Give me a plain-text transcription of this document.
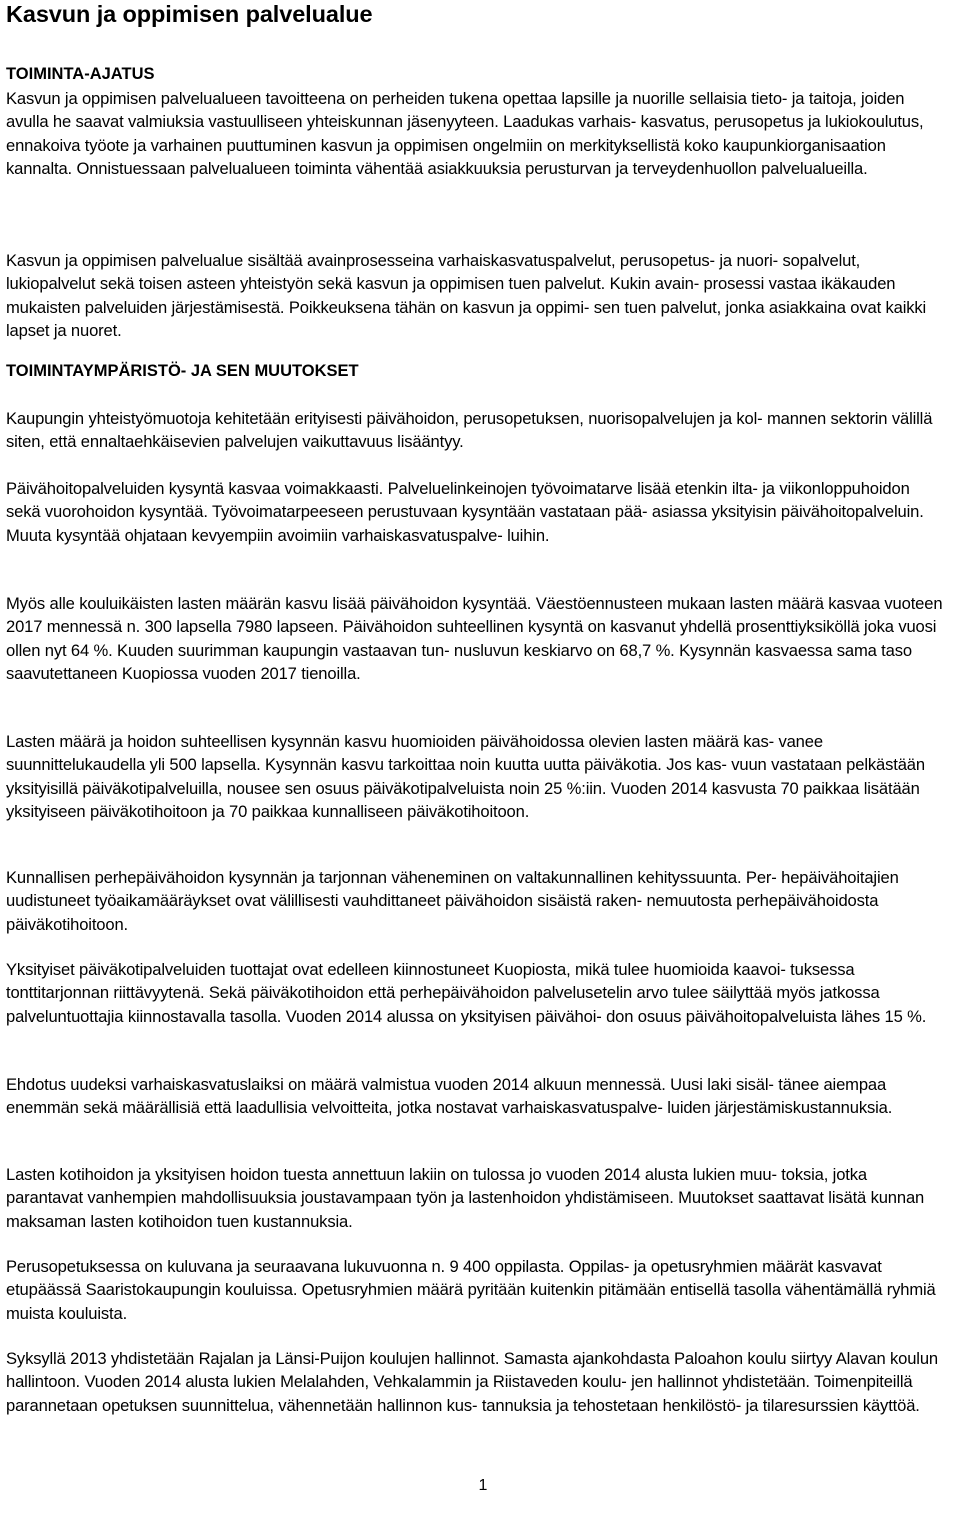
Kasvun ja oppimisen palvelualue
TOIMINTA-AJATUS

Kasvun ja oppimisen palvelualueen tavoitteena on perheiden tukena opettaa lapsille ja nuorille sellaisia tieto- ja taitoja, joiden avulla he saavat valmiuksia vastuulliseen yhteiskunnan jäsenyyteen. Laadukas varhais- kasvatus, perusopetus ja lukiokoulutus, ennakoiva työote ja varhainen puuttuminen kasvun ja oppimisen ongelmiin on merkityksellistä koko kaupunkiorganisaation kannalta. Onnistuessaan palvelualueen toiminta vähentää asiakkuuksia perusturvan ja terveydenhuollon palvelualueilla.

Kasvun ja oppimisen palvelualue sisältää avainprosesseina varhaiskasvatuspalvelut, perusopetus- ja nuori- sopalvelut, lukiopalvelut sekä toisen asteen yhteistyön sekä kasvun ja oppimisen tuen palvelut. Kukin avain- prosessi vastaa ikäkauden mukaisten palveluiden järjestämisestä. Poikkeuksena tähän on kasvun ja oppimi- sen tuen palvelut, jonka asiakkaina ovat kaikki lapset ja nuoret.

TOIMINTAYMPÄRISTÖ- JA SEN MUUTOKSET

Kaupungin yhteistyömuotoja kehitetään erityisesti päivähoidon, perusopetuksen, nuorisopalvelujen ja kol- mannen sektorin välillä siten, että ennaltaehkäisevien palvelujen vaikuttavuus lisääntyy.

Päivähoitopalveluiden kysyntä kasvaa voimakkaasti. Palveluelinkeinojen työvoimatarve lisää etenkin ilta- ja viikonloppuhoidon sekä vuorohoidon kysyntää. Työvoimatarpeeseen perustuvaan kysyntään vastataan pää- asiassa yksityisin päivähoitopalveluin. Muuta kysyntää ohjataan kevyempiin avoimiin varhaiskasvatuspalve- luihin.

Myös alle kouluikäisten lasten määrän kasvu lisää päivähoidon kysyntää. Väestöennusteen mukaan lasten määrä kasvaa vuoteen 2017 mennessä n. 300 lapsella 7980 lapseen. Päivähoidon suhteellinen kysyntä on kasvanut yhdellä prosenttiyksiköllä joka vuosi ollen nyt 64 %. Kuuden suurimman kaupungin vastaavan tun- nusluvun keskiarvo on 68,7 %. Kysynnän kasvaessa sama taso saavutettaneen Kuopiossa vuoden 2017 tienoilla.

Lasten määrä ja hoidon suhteellisen kysynnän kasvu huomioiden päivähoidossa olevien lasten määrä kas- vanee suunnittelukaudella yli 500 lapsella. Kysynnän kasvu tarkoittaa noin kuutta uutta päiväkotia. Jos kas- vuun vastataan pelkästään yksityisillä päiväkotipalveluilla, nousee sen osuus päiväkotipalveluista noin 25 %:iin. Vuoden 2014 kasvusta 70 paikkaa lisätään yksityiseen päiväkotihoitoon ja 70 paikkaa kunnalliseen päiväkotihoitoon.

Kunnallisen perhepäivähoidon kysynnän ja tarjonnan väheneminen on valtakunnallinen kehityssuunta. Per- hepäivähoitajien uudistuneet työaikamääräykset ovat välillisesti vauhdittaneet päivähoidon sisäistä raken- nemuutosta perhepäivähoidosta päiväkotihoitoon.

Yksityiset päiväkotipalveluiden tuottajat ovat edelleen kiinnostuneet Kuopiosta, mikä tulee huomioida kaavoi- tuksessa tonttitarjonnan riittävyytenä. Sekä päiväkotihoidon että perhepäivähoidon palvelusetelin arvo tulee säilyttää myös jatkossa palveluntuottajia kiinnostavalla tasolla. Vuoden 2014 alussa on yksityisen päivähoi- don osuus päivähoitopalveluista lähes 15 %.

Ehdotus uudeksi varhaiskasvatuslaiksi on määrä valmistua vuoden 2014 alkuun mennessä. Uusi laki sisäl- tänee aiempaa enemmän sekä määrällisiä että laadullisia velvoitteita, jotka nostavat varhaiskasvatuspalve- luiden järjestämiskustannuksia.

Lasten kotihoidon ja yksityisen hoidon tuesta annettuun lakiin on tulossa jo vuoden 2014 alusta lukien muu- toksia, jotka parantavat vanhempien mahdollisuuksia joustavampaan työn ja lastenhoidon yhdistämiseen. Muutokset saattavat lisätä kunnan maksaman lasten kotihoidon tuen kustannuksia.

Perusopetuksessa on kuluvana ja seuraavana lukuvuonna n. 9 400 oppilasta. Oppilas- ja opetusryhmien määrät kasvavat etupäässä Saaristokaupungin kouluissa. Opetusryhmien määrä pyritään kuitenkin pitämään entisellä tasolla vähentämällä ryhmiä muista kouluista.

Syksyllä 2013 yhdistetään Rajalan ja Länsi-Puijon koulujen hallinnot. Samasta ajankohdasta Paloahon koulu siirtyy Alavan koulun hallintoon. Vuoden 2014 alusta lukien Melalahden, Vehkalammin ja Riistaveden koulu- jen hallinnot yhdistetään. Toimenpiteillä parannetaan opetuksen suunnittelua, vähennetään hallinnon kus- tannuksia ja tehostetaan henkilöstö- ja tilaresurssien käyttöä.

1
